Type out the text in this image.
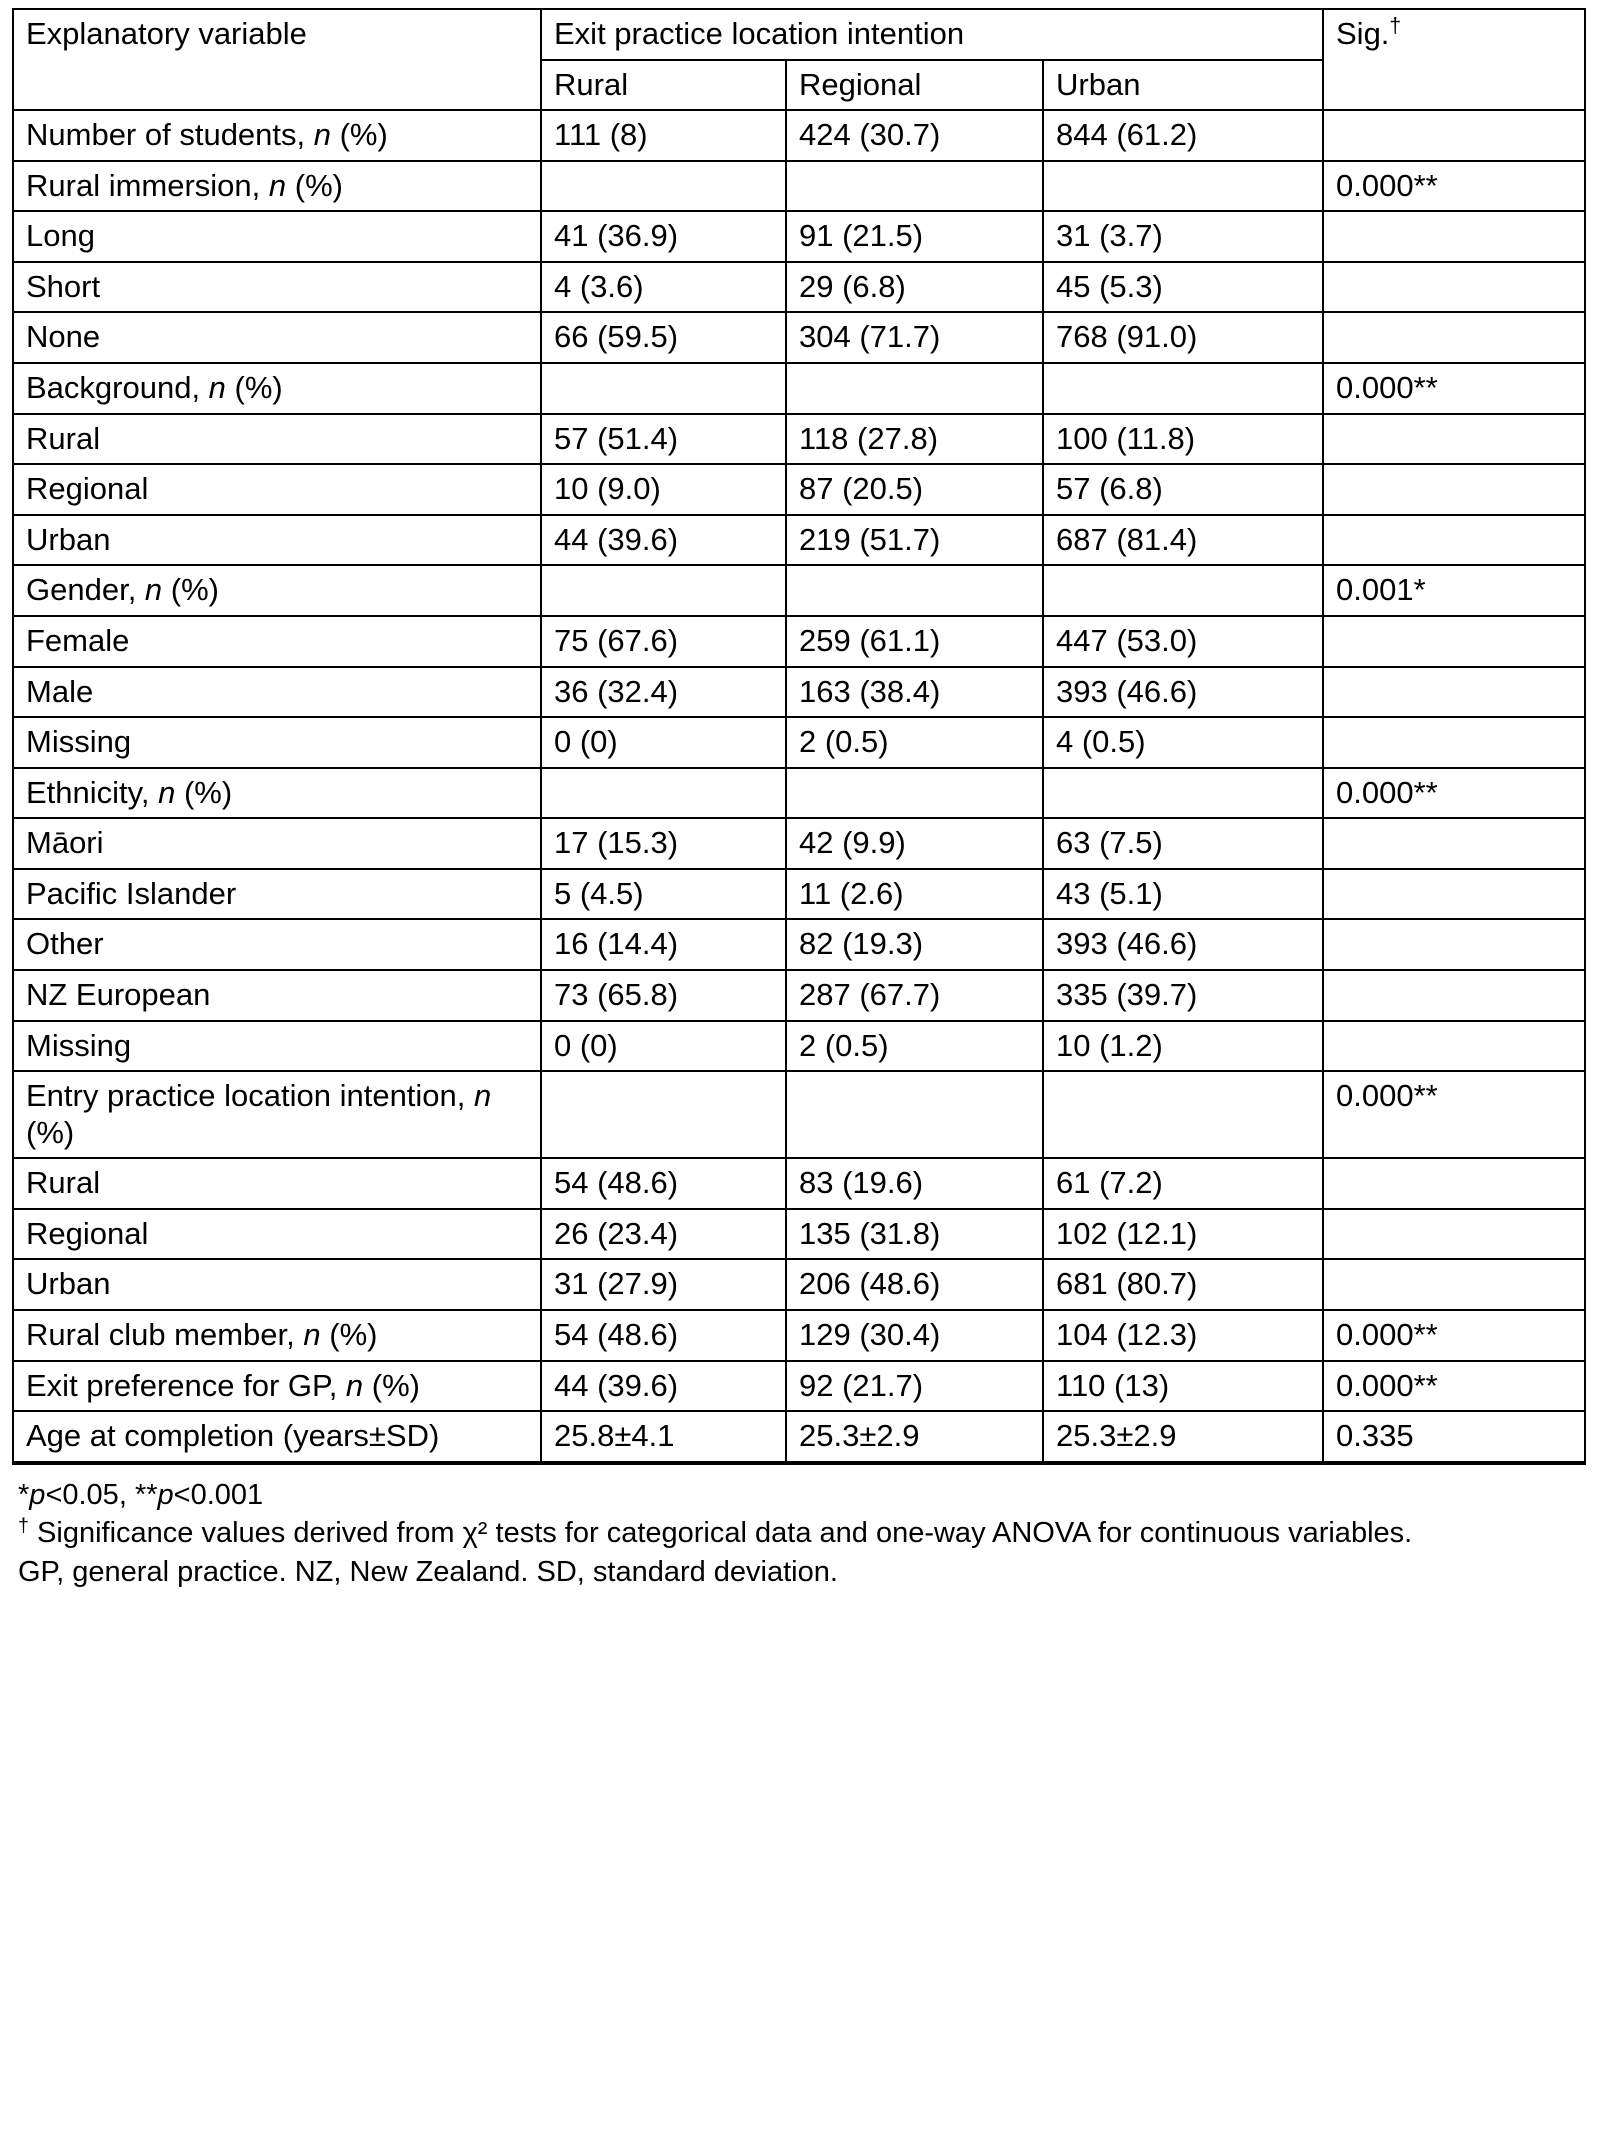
Explanatory variable	Exit practice location intention			Sig.†
	Rural	Regional	Urban	
Number of students, n (%)	111 (8)	424 (30.7)	844 (61.2)	
Rural immersion, n (%)				0.000**
Long	41 (36.9)	91 (21.5)	31 (3.7)	
Short	4 (3.6)	29 (6.8)	45 (5.3)	
None	66 (59.5)	304 (71.7)	768 (91.0)	
Background, n (%)				0.000**
Rural	57 (51.4)	118 (27.8)	100 (11.8)	
Regional	10 (9.0)	87 (20.5)	57 (6.8)	
Urban	44 (39.6)	219 (51.7)	687 (81.4)	
Gender, n (%)				0.001*
Female	75 (67.6)	259 (61.1)	447 (53.0)	
Male	36 (32.4)	163 (38.4)	393 (46.6)	
Missing	0 (0)	2 (0.5)	4 (0.5)	
Ethnicity, n (%)				0.000**
Māori	17 (15.3)	42 (9.9)	63 (7.5)	
Pacific Islander	5 (4.5)	11 (2.6)	43 (5.1)	
Other	16 (14.4)	82 (19.3)	393 (46.6)	
NZ European	73 (65.8)	287 (67.7)	335 (39.7)	
Missing	0 (0)	2 (0.5)	10 (1.2)	
Entry practice location intention, n (%)				0.000**
Rural	54 (48.6)	83 (19.6)	61 (7.2)	
Regional	26 (23.4)	135 (31.8)	102 (12.1)	
Urban	31 (27.9)	206 (48.6)	681 (80.7)	
Rural club member, n (%)	54 (48.6)	129 (30.4)	104 (12.3)	0.000**
Exit preference for GP, n (%)	44 (39.6)	92 (21.7)	110 (13)	0.000**
Age at completion (years±SD)	25.8±4.1	25.3±2.9	25.3±2.9	0.335
*p<0.05, **p<0.001
† Significance values derived from χ² tests for categorical data and one-way ANOVA for continuous variables.
GP, general practice. NZ, New Zealand. SD, standard deviation.
